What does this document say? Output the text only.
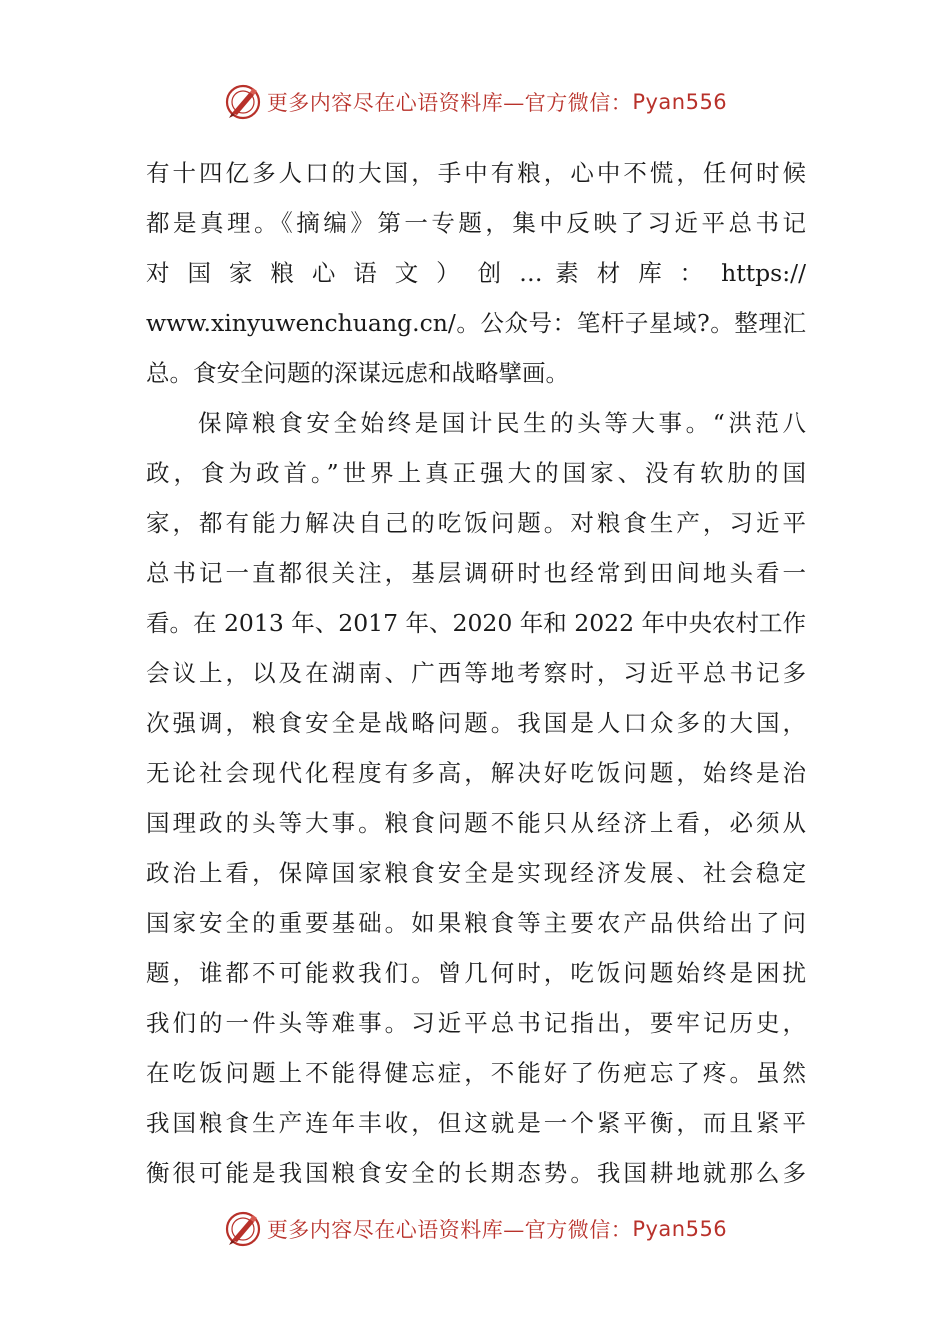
更多内容尽在心语资料库—官方微信： Pyan556
有十四亿多人口的大国，手中有粮，心中不慌，任何时候
都是真理。《摘编》第一专题，集中反映了习近平总书记
对 国 家 粮 心 语 文 ） 创 … 素 材 库 ： https://
www.xinyuwenchuang.cn/。公众号：笔杆子星域?。整理汇
总。食安全问题的深谋远虑和战略擘画。
保障粮食安全始终是国计民生的头等大事。“洪范八
政，食为政首。”世界上真正强大的国家、没有软肋的国
家，都有能力解决自己的吃饭问题。对粮食生产，习近平
总书记一直都很关注，基层调研时也经常到田间地头看一
看。在 2013 年、2017 年、2020 年和 2022 年中央农村工作
会议上，以及在湖南、广西等地考察时，习近平总书记多
次强调，粮食安全是战略问题。我国是人口众多的大国，
无论社会现代化程度有多高，解决好吃饭问题，始终是治
国理政的头等大事。粮食问题不能只从经济上看，必须从
政治上看，保障国家粮食安全是实现经济发展、社会稳定
国家安全的重要基础。如果粮食等主要农产品供给出了问
题，谁都不可能救我们。曾几何时，吃饭问题始终是困扰
我们的一件头等难事。习近平总书记指出，要牢记历史，
在吃饭问题上不能得健忘症，不能好了伤疤忘了疼。虽然
我国粮食生产连年丰收，但这就是一个紧平衡，而且紧平
衡很可能是我国粮食安全的长期态势。我国耕地就那么多
更多内容尽在心语资料库—官方微信： Pyan556
